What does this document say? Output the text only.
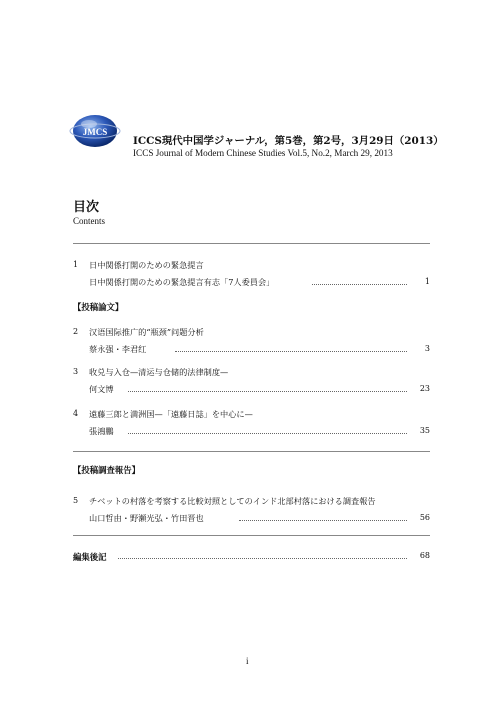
JMCS
ICCS現代中国学ジャーナル，第5巻，第2号，3月29日（2013）
ICCS Journal of Modern Chinese Studies Vol.5, No.2, March 29, 2013
目次
Contents
1 日中関係打開のための緊急提言
日中関係打開のための緊急提言有志「7人委員会」	1
【投稿論文】
2 汉语国际推广的“瓶颈”问题分析
蔡永强・李君红	3
3 收兑与入仓—清运与仓储的法律制度—
何文博	23
4 遠藤三郎と満洲国—「遠藤日誌」を中心に—
張鴻鵬	35
【投稿調査報告】
5 チベットの村落を考察する比較対照としてのインド北部村落における調査報告
山口哲由・野瀬光弘・竹田晋也	56
編集後記	68
i
